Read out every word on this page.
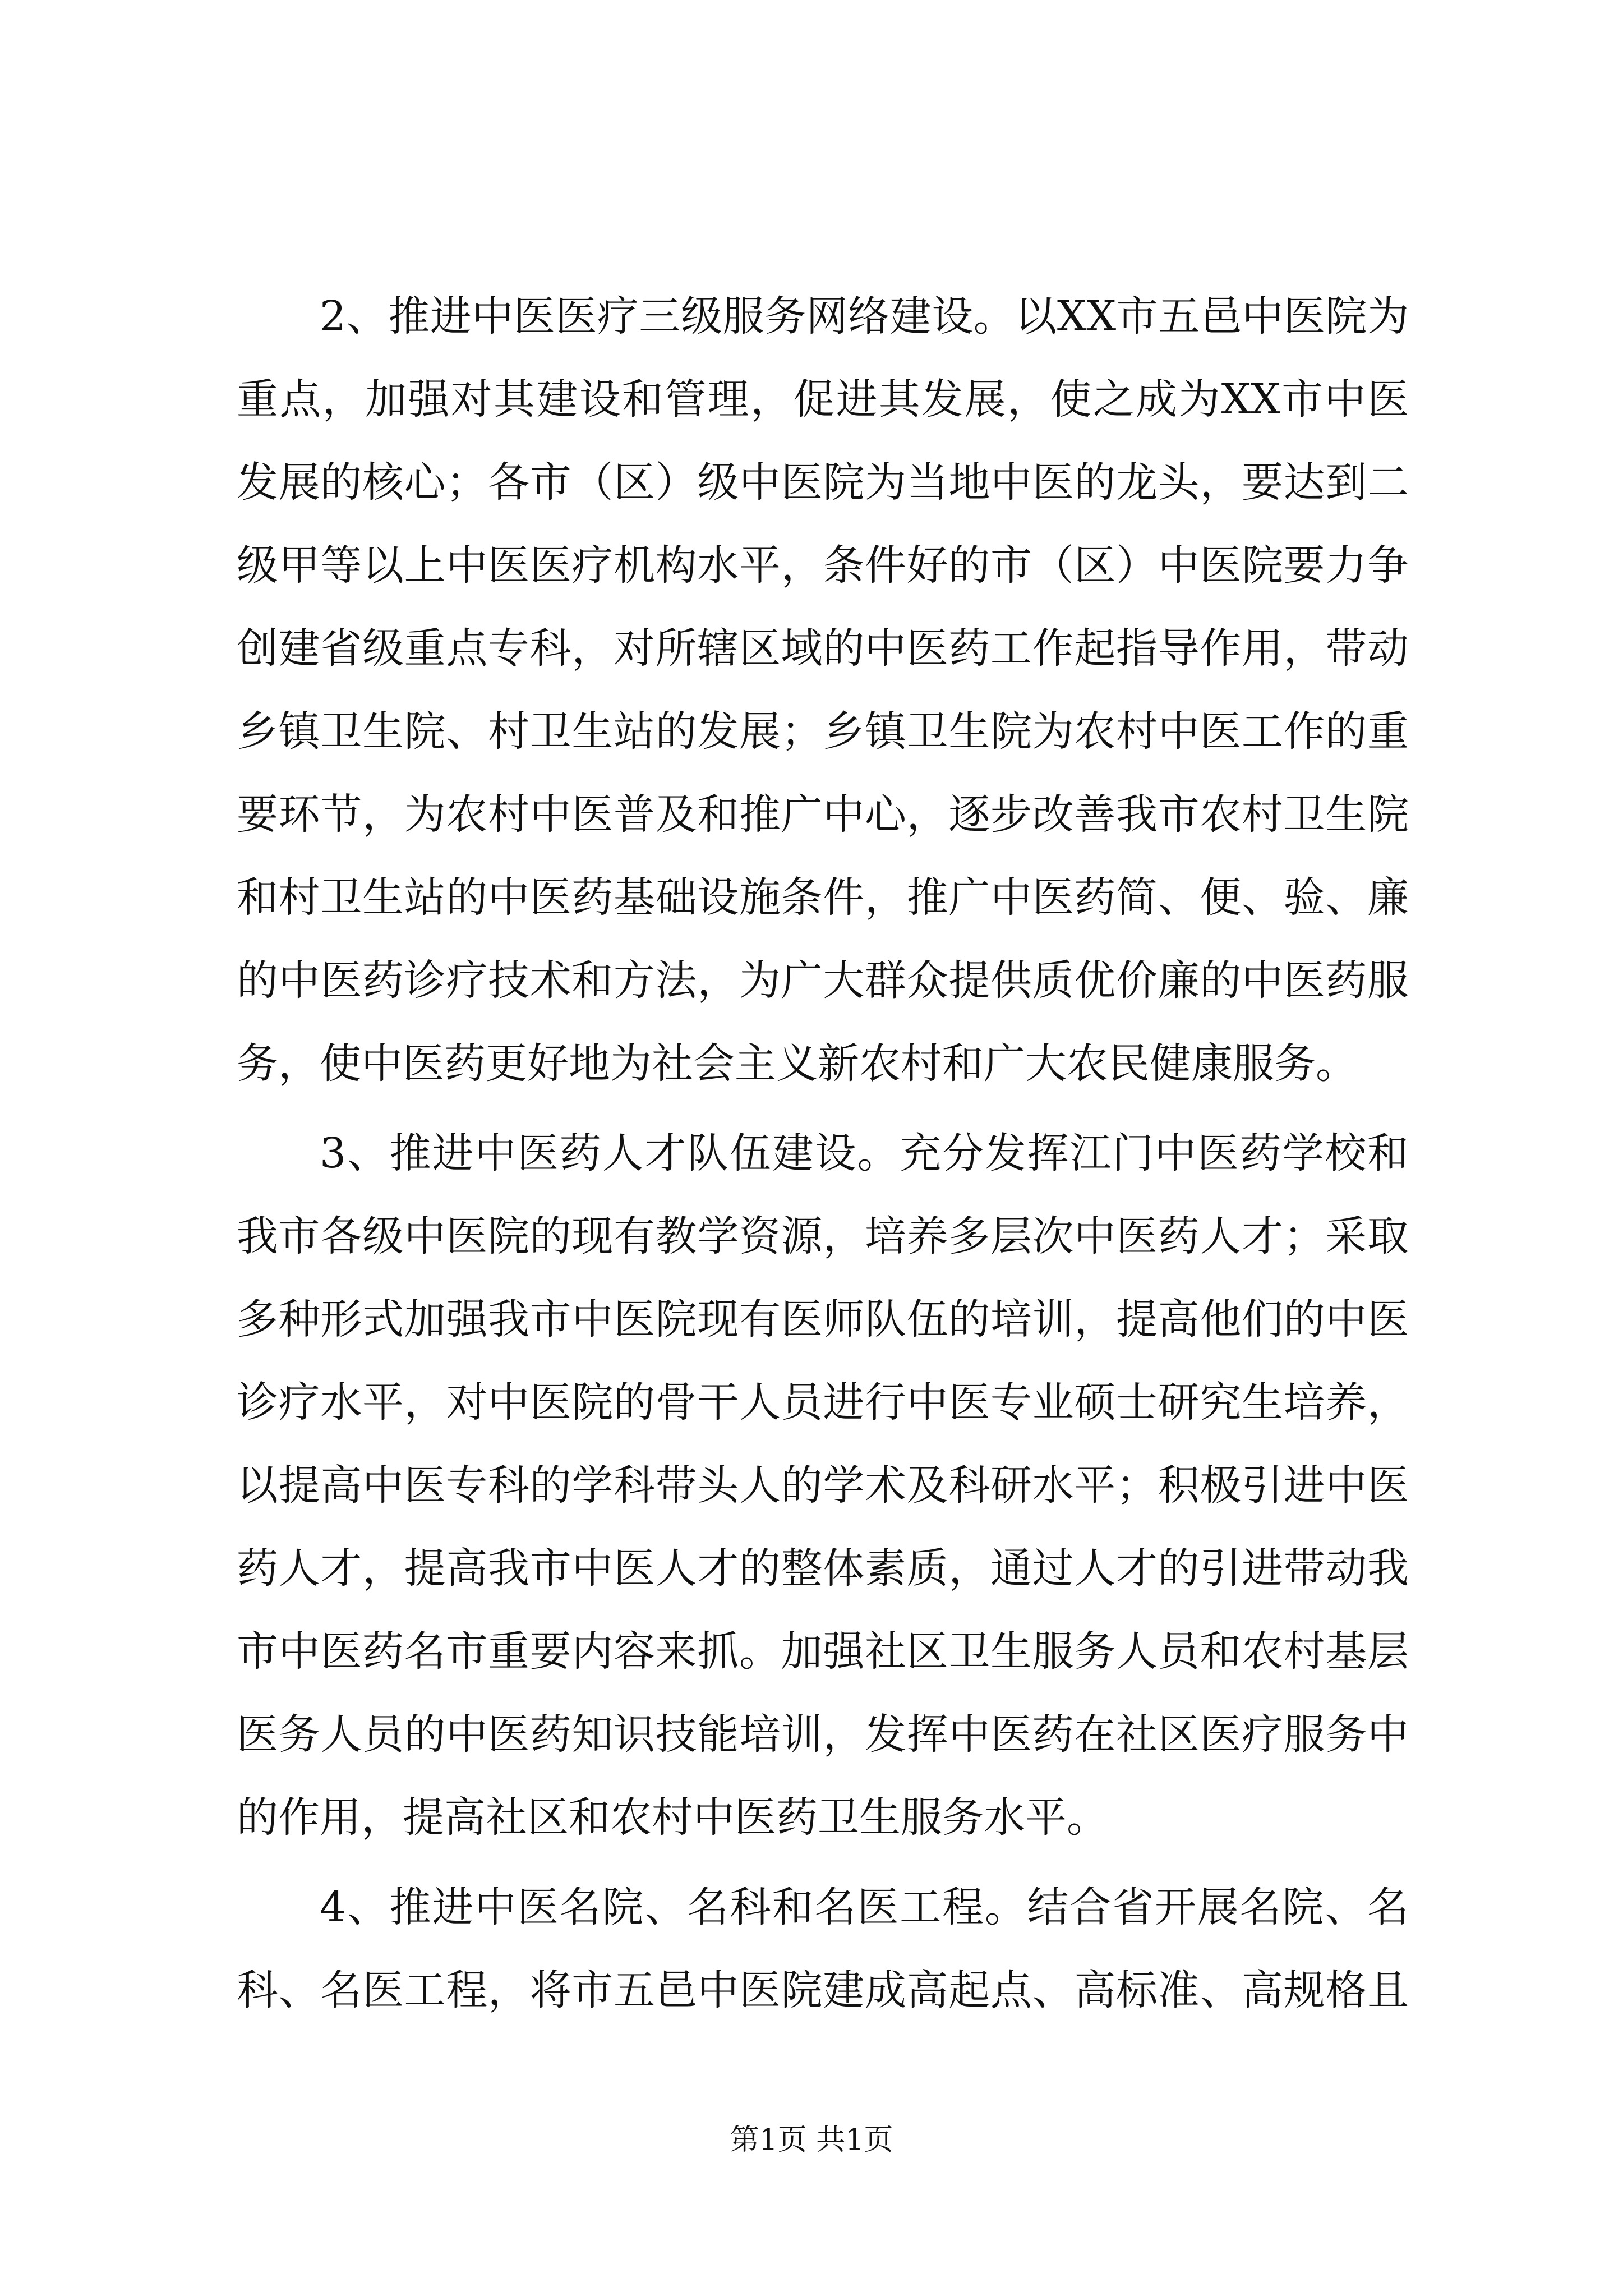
2、推进中医医疗三级服务网络建设。以XX市五邑中医院为
重点，加强对其建设和管理，促进其发展，使之成为XX市中医
发展的核心；各市（区）级中医院为当地中医的龙头，要达到二
级甲等以上中医医疗机构水平，条件好的市（区）中医院要力争
创建省级重点专科，对所辖区域的中医药工作起指导作用，带动
乡镇卫生院、村卫生站的发展；乡镇卫生院为农村中医工作的重
要环节，为农村中医普及和推广中心，逐步改善我市农村卫生院
和村卫生站的中医药基础设施条件，推广中医药简、便、验、廉
的中医药诊疗技术和方法，为广大群众提供质优价廉的中医药服
务，使中医药更好地为社会主义新农村和广大农民健康服务。
3、推进中医药人才队伍建设。充分发挥江门中医药学校和
我市各级中医院的现有教学资源，培养多层次中医药人才；采取
多种形式加强我市中医院现有医师队伍的培训，提高他们的中医
诊疗水平，对中医院的骨干人员进行中医专业硕士研究生培养，
以提高中医专科的学科带头人的学术及科研水平；积极引进中医
药人才，提高我市中医人才的整体素质，通过人才的引进带动我
市中医药名市重要内容来抓。加强社区卫生服务人员和农村基层
医务人员的中医药知识技能培训，发挥中医药在社区医疗服务中
的作用，提高社区和农村中医药卫生服务水平。
4、推进中医名院、名科和名医工程。结合省开展名院、名
科、名医工程，将市五邑中医院建成高起点、高标准、高规格且
第1页 共1页
